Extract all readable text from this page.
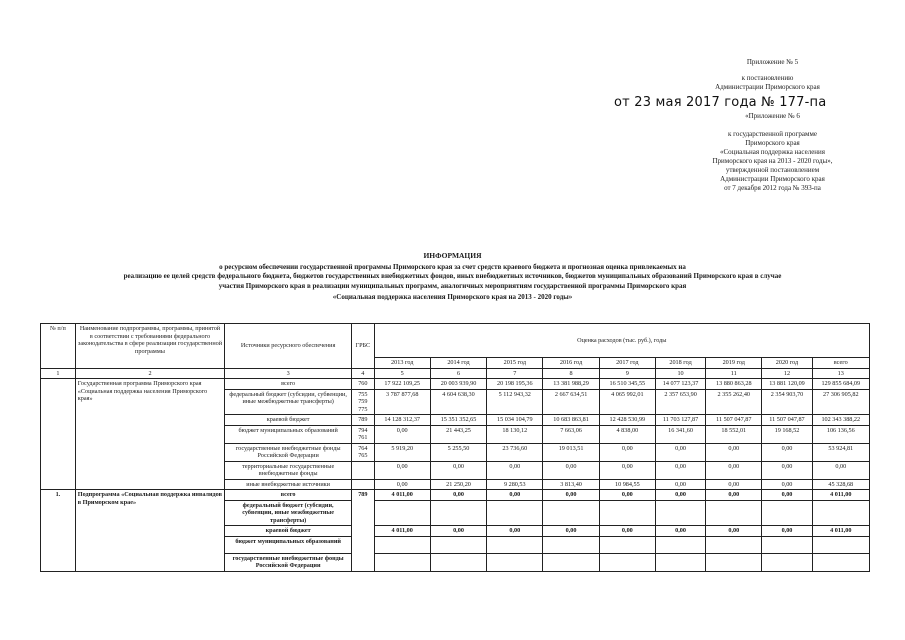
Приложение № 5
к постановлению
Администрации Приморского края
от 23 мая 2017 года № 177-па
«Приложение № 6
к государственной программе
Приморского края
«Социальная поддержка населения
Приморского края на 2013 - 2020 годы»,
утвержденной постановлением
Администрации Приморского края
от 7 декабря 2012 года № 393-па
ИНФОРМАЦИЯ
о ресурсном обеспечении государственной программы Приморского края за счет средств краевого бюджета и прогнозная оценка привлекаемых на
реализацию ее целей средств федерального бюджета, бюджетов государственных внебюджетных фондов, иных внебюджетных источников, бюджетов муниципальных образований Приморского края в случае
участия Приморского края в реализации муниципальных программ, аналогичных мероприятиям государственной программы Приморского края
«Социальная поддержка населения Приморского края на 2013 - 2020 годы»
№ п/п	Наименование подпрограммы, программы, принятой в соответствии с требованиями федерального законодательства в сфере реализации государственной программы	Источники ресурсного обеспечения	ГРБС	Оценка расходов (тыс. руб.), годы								
				2013 год	2014 год	2015 год	2016 год	2017 год	2018 год	2019 год	2020 год	всего
1	2	3	4	5	6	7	8	9	10	11	12	13
	Государственная программа Приморского края «Социальная поддержка населения Приморского края»	всего	760	17 922 109,25	20 003 939,90	20 198 195,36	13 381 988,29	16 510 345,55	14 077 123,37	13 880 863,28	13 881 120,09	129 855 684,09
		федеральный бюджет (субсидии, субвенции, иные межбюджетные трансферты)	755 759 775	3 787 877,68	4 604 638,30	5 112 943,32	2 667 634,51	4 065 992,01	2 357 653,90	2 355 262,40	2 354 903,70	27 306 905,82
		краевой бюджет	789	14 128 312,37	15 351 352,65	15 034 104,79	10 683 863,81	12 428 530,99	11 703 127,87	11 507 047,87	11 507 047,87	102 343 388,22
		бюджет муниципальных образований	794 761	0,00	21 443,25	18 130,12	7 663,06	4 838,00	16 341,60	18 552,01	19 168,52	106 136,56
		государственные внебюджетные фонды Российской Федерации	764 765	5 919,20	5 255,50	23 736,60	19 013,51	0,00	0,00	0,00	0,00	53 924,81
		территориальные государственные внебюджетные фонды		0,00	0,00	0,00	0,00	0,00	0,00	0,00	0,00	0,00
		иные внебюджетные источники		0,00	21 250,20	9 280,53	3 813,40	10 984,55	0,00	0,00	0,00	45 328,68
1.	Подпрограмма «Социальная поддержка инвалидов в Приморском крае»	всего	789	4 011,00	0,00	0,00	0,00	0,00	0,00	0,00	0,00	4 011,00
		федеральный бюджет (субсидии, субвенции, иные межбюджетные трансферты)										
		краевой бюджет		4 011,00	0,00	0,00	0,00	0,00	0,00	0,00	0,00	4 011,00
		бюджет муниципальных образований										
		государственные внебюджетные фонды Российской Федерации										
